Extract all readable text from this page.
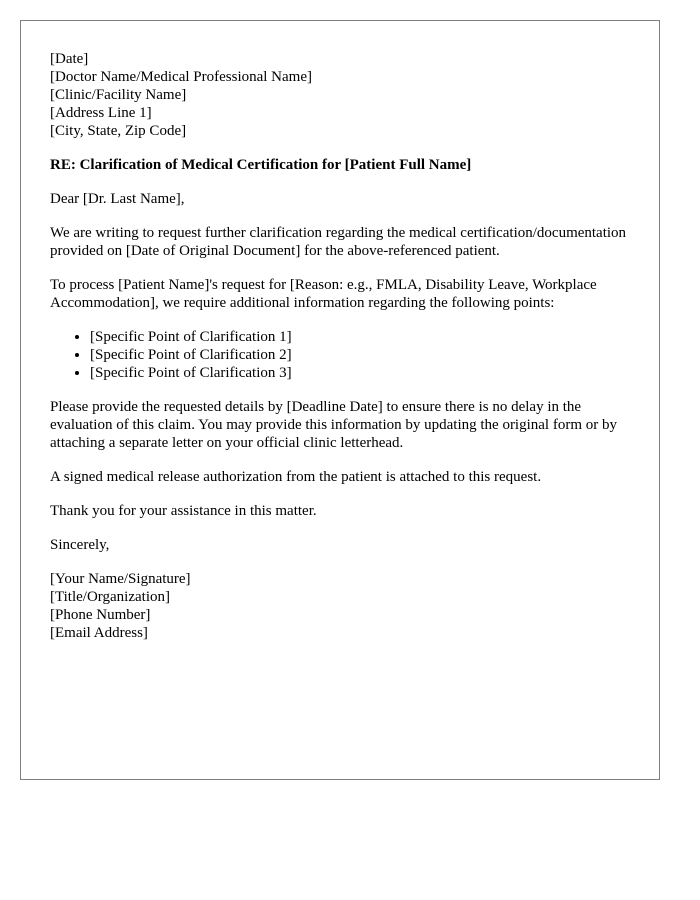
[Date]
[Doctor Name/Medical Professional Name]
[Clinic/Facility Name]
[Address Line 1]
[City, State, Zip Code]

RE: Clarification of Medical Certification for [Patient Full Name]

Dear [Dr. Last Name],

We are writing to request further clarification regarding the medical certification/documentation provided on [Date of Original Document] for the above-referenced patient.

To process [Patient Name]'s request for [Reason: e.g., FMLA, Disability Leave, Workplace Accommodation], we require additional information regarding the following points:

• [Specific Point of Clarification 1]
• [Specific Point of Clarification 2]
• [Specific Point of Clarification 3]

Please provide the requested details by [Deadline Date] to ensure there is no delay in the evaluation of this claim. You may provide this information by updating the original form or by attaching a separate letter on your official clinic letterhead.

A signed medical release authorization from the patient is attached to this request.

Thank you for your assistance in this matter.

Sincerely,

[Your Name/Signature]
[Title/Organization]
[Phone Number]
[Email Address]
